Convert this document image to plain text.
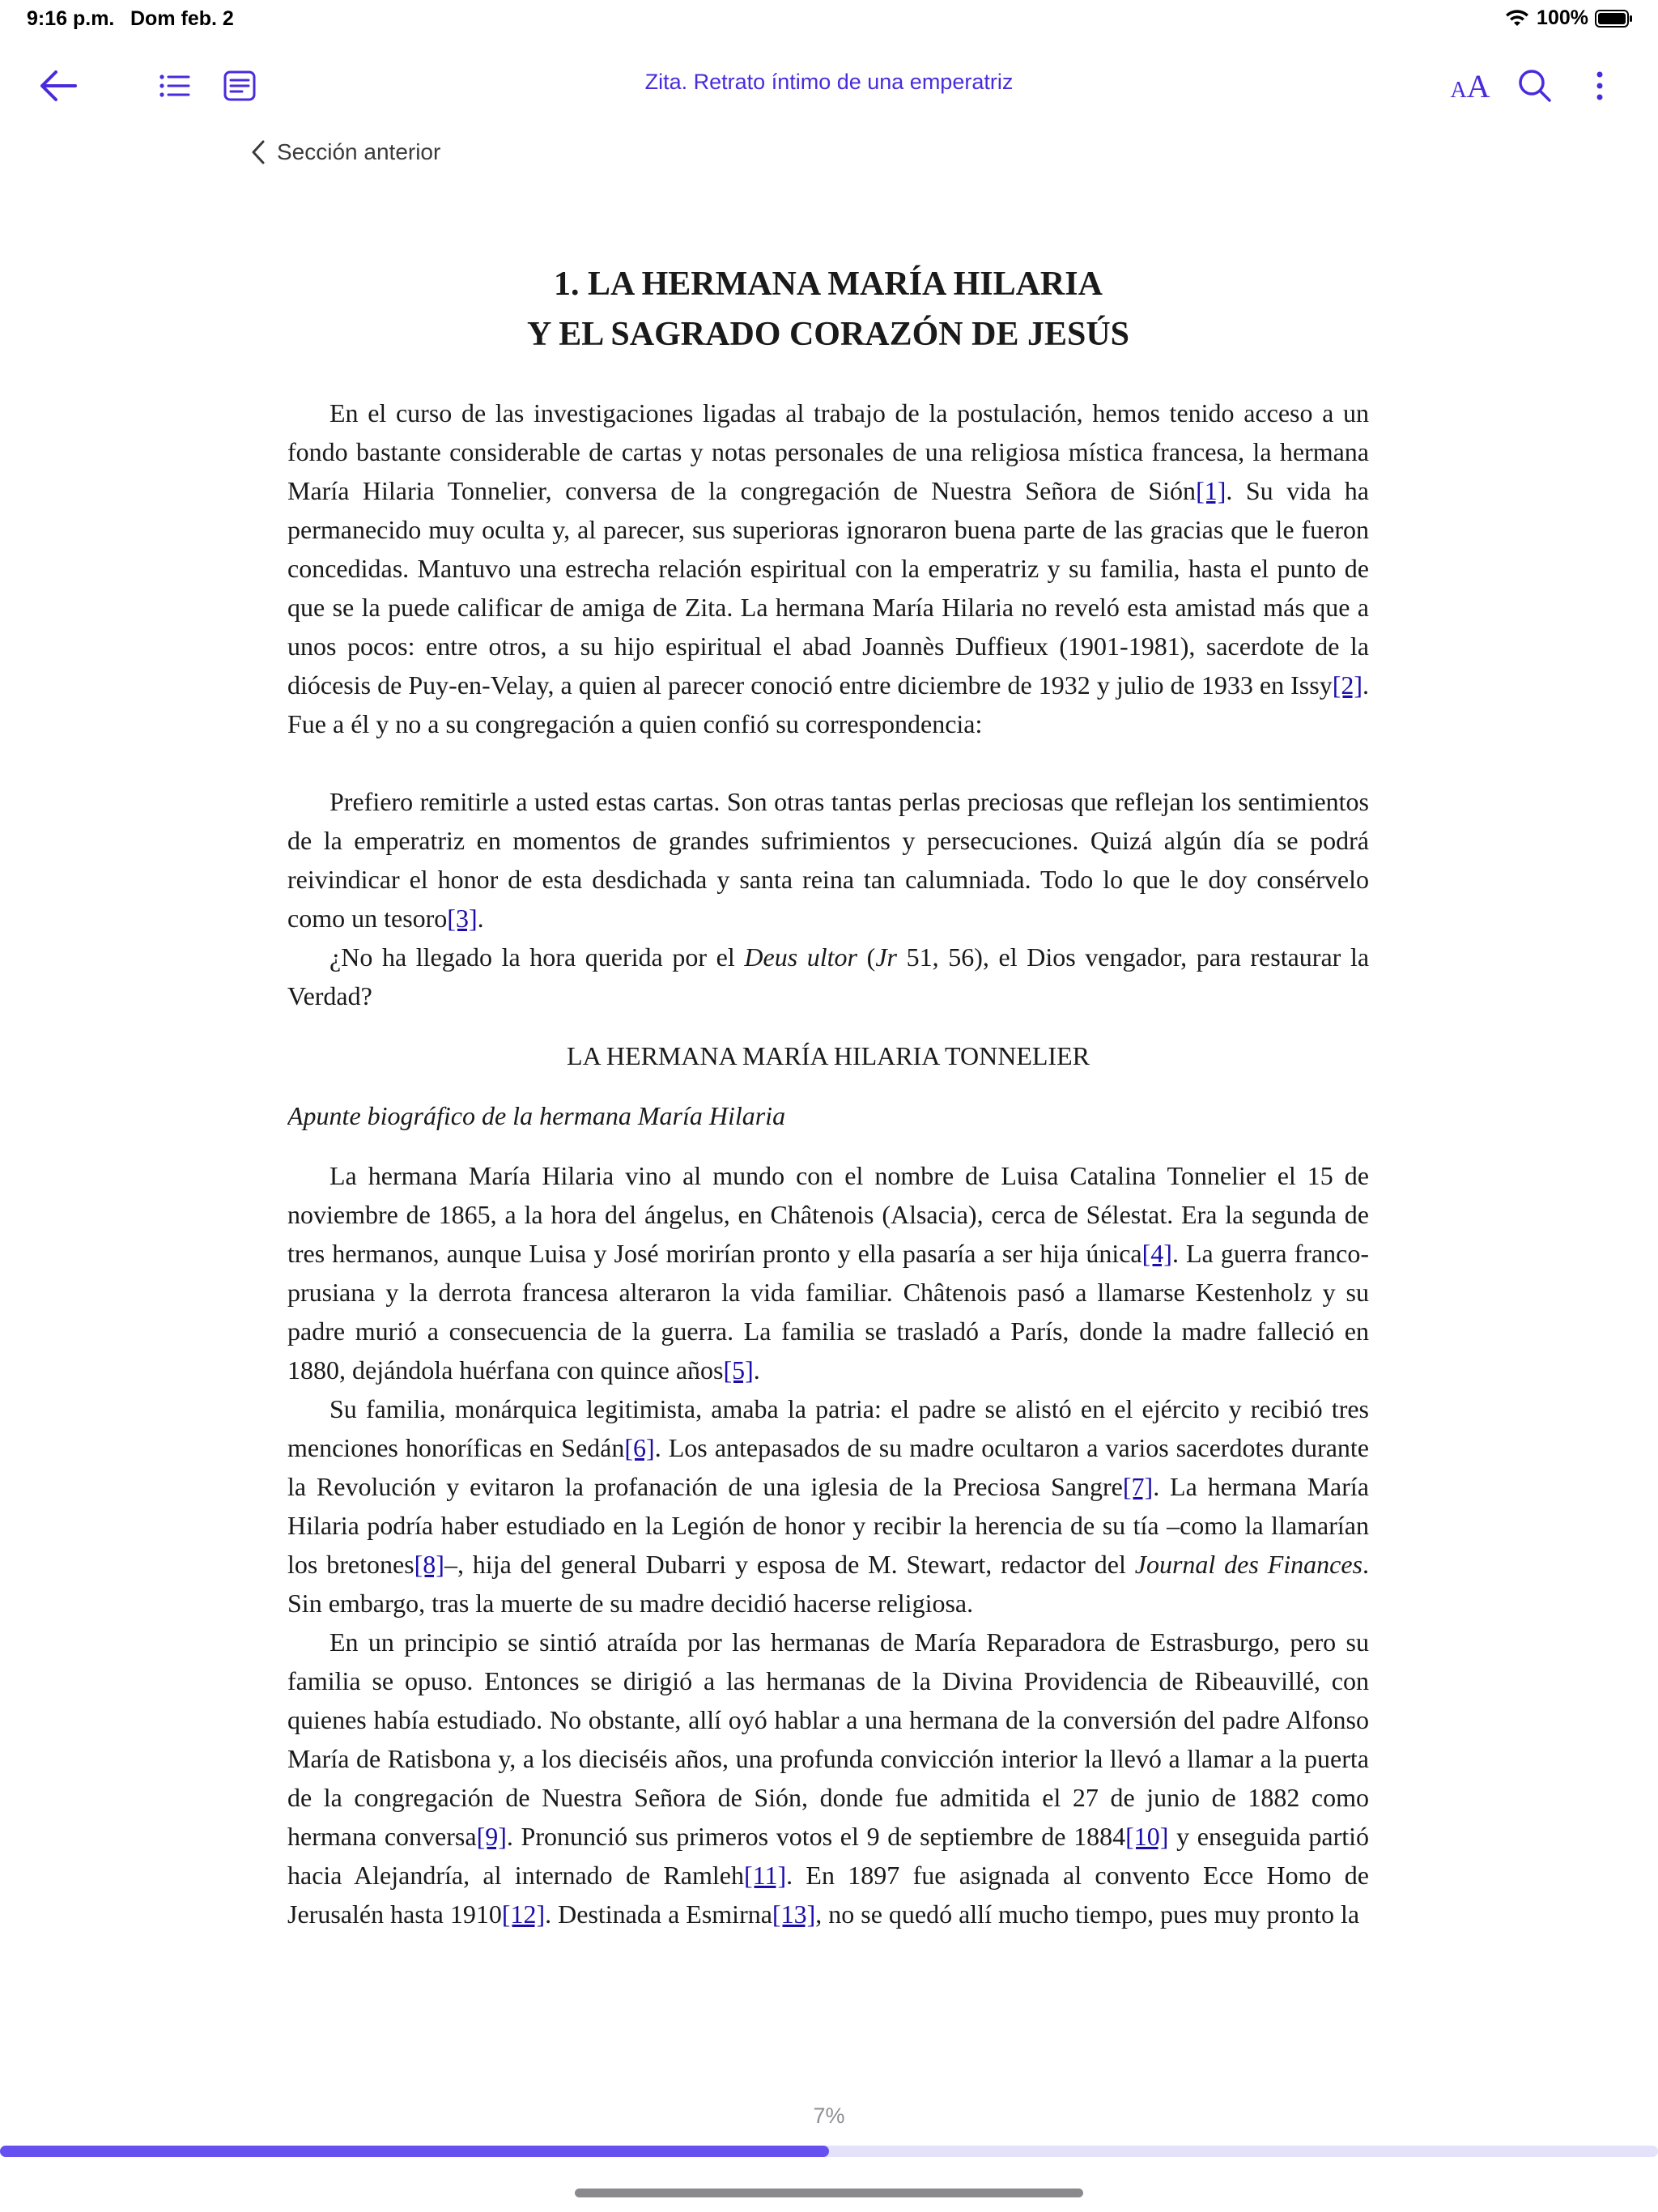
9:16 p.m. Dom feb. 2	100%
Zita. Retrato íntimo de una emperatriz	AA
Sección anterior
1. LA HERMANA MARÍA HILARIA
Y EL SAGRADO CORAZÓN DE JESÚS

En el curso de las investigaciones ligadas al trabajo de la postulación, hemos tenido acceso a un fondo bastante considerable de cartas y notas personales de una religiosa mística francesa, la hermana María Hilaria Tonnelier, conversa de la congregación de Nuestra Señora de Sión[1]. Su vida ha permanecido muy oculta y, al parecer, sus superioras ignoraron buena parte de las gracias que le fueron concedidas. Mantuvo una estrecha relación espiritual con la emperatriz y su familia, hasta el punto de que se la puede calificar de amiga de Zita. La hermana María Hilaria no reveló esta amistad más que a unos pocos: entre otros, a su hijo espiritual el abad Joannès Duffieux (1901-1981), sacerdote de la diócesis de Puy-en-Velay, a quien al parecer conoció entre diciembre de 1932 y julio de 1933 en Issy[2]. Fue a él y no a su congregación a quien confió su correspondencia:

Prefiero remitirle a usted estas cartas. Son otras tantas perlas preciosas que reflejan los sentimientos de la emperatriz en momentos de grandes sufrimientos y persecuciones. Quizá algún día se podrá reivindicar el honor de esta desdichada y santa reina tan calumniada. Todo lo que le doy consérvelo como un tesoro[3].

¿No ha llegado la hora querida por el Deus ultor (Jr 51, 56), el Dios vengador, para restaurar la Verdad?

LA HERMANA MARÍA HILARIA TONNELIER
Apunte biográfico de la hermana María Hilaria

La hermana María Hilaria vino al mundo con el nombre de Luisa Catalina Tonnelier el 15 de noviembre de 1865, a la hora del ángelus, en Châtenois (Alsacia), cerca de Sélestat. Era la segunda de tres hermanos, aunque Luisa y José morirían pronto y ella pasaría a ser hija única[4]. La guerra franco-prusiana y la derrota francesa alteraron la vida familiar. Châtenois pasó a llamarse Kestenholz y su padre murió a consecuencia de la guerra. La familia se trasladó a París, donde la madre falleció en 1880, dejándola huérfana con quince años[5].

Su familia, monárquica legitimista, amaba la patria: el padre se alistó en el ejército y recibió tres menciones honoríficas en Sedán[6]. Los antepasados de su madre ocultaron a varios sacerdotes durante la Revolución y evitaron la profanación de una iglesia de la Preciosa Sangre[7]. La hermana María Hilaria podría haber estudiado en la Legión de honor y recibir la herencia de su tía –como la llamarían los bretones[8]–, hija del general Dubarri y esposa de M. Stewart, redactor del Journal des Finances. Sin embargo, tras la muerte de su madre decidió hacerse religiosa.

En un principio se sintió atraída por las hermanas de María Reparadora de Estrasburgo, pero su familia se opuso. Entonces se dirigió a las hermanas de la Divina Providencia de Ribeauvillé, con quienes había estudiado. No obstante, allí oyó hablar a una hermana de la conversión del padre Alfonso María de Ratisbona y, a los dieciséis años, una profunda convicción interior la llevó a llamar a la puerta de la congregación de Nuestra Señora de Sión, donde fue admitida el 27 de junio de 1882 como hermana conversa[9]. Pronunció sus primeros votos el 9 de septiembre de 1884[10] y enseguida partió hacia Alejandría, al internado de Ramleh[11]. En 1897 fue asignada al convento Ecce Homo de Jerusalén hasta 1910[12]. Destinada a Esmirna[13], no se quedó allí mucho tiempo, pues muy pronto la

7%
